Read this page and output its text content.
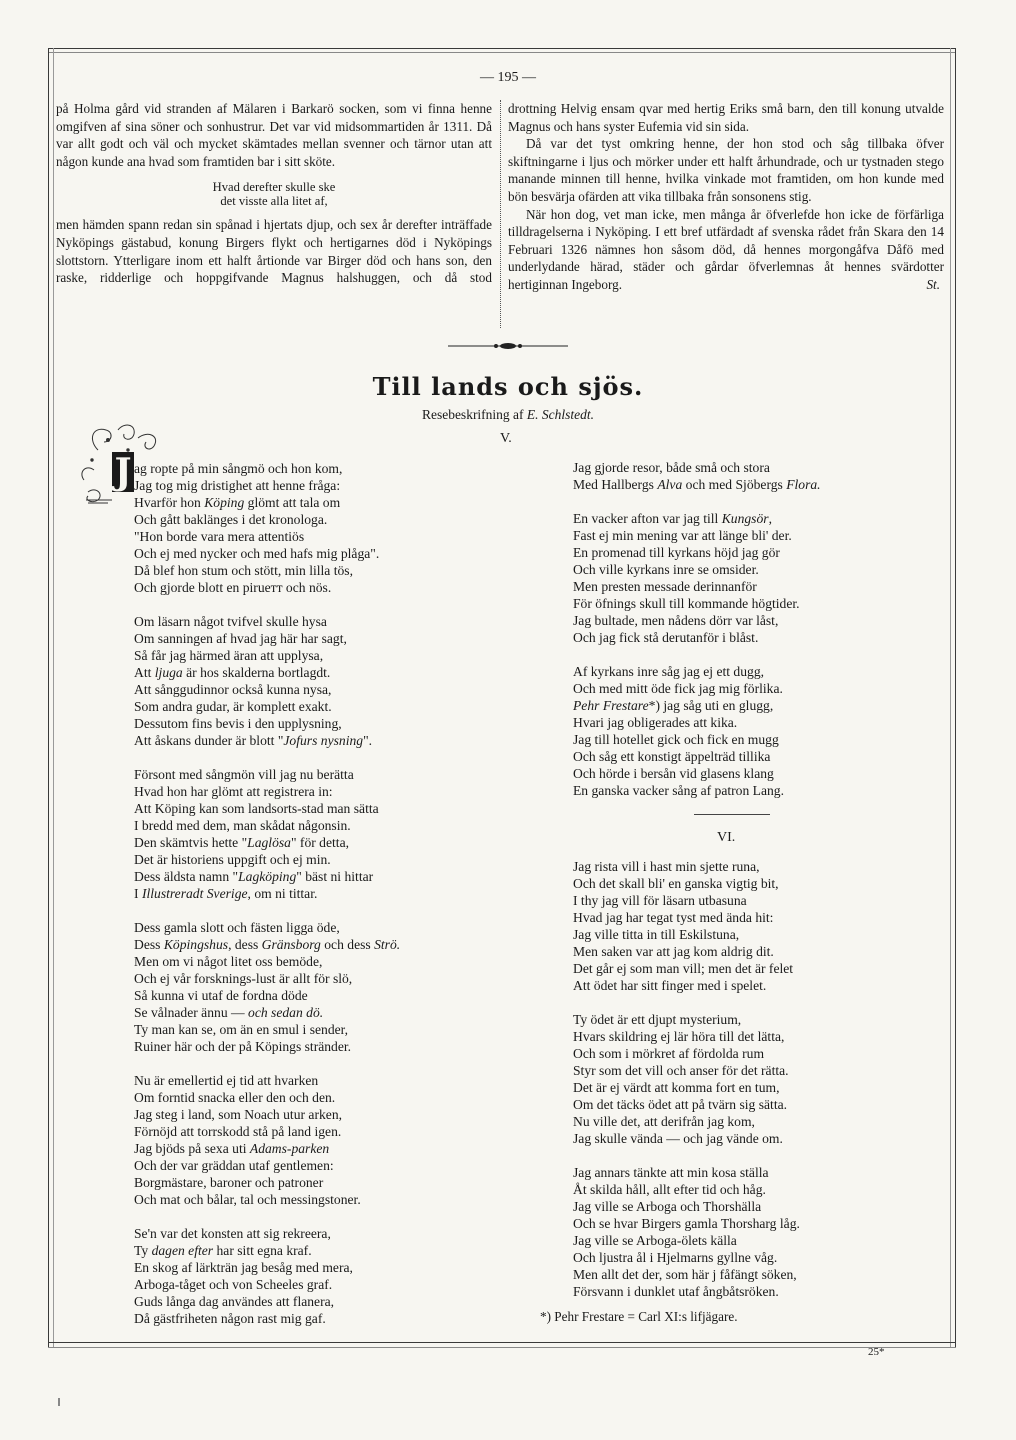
— 195 —

på Holma gård vid stranden af Mälaren i Barkarö socken, som vi finna henne omgifven af sina söner och sonhustrur. Det var vid midsommartiden år 1311. Då var allt godt och väl och mycket skämtades mellan svenner och tärnor utan att någon kunde ana hvad som framtiden bar i sitt sköte.

Hvad derefter skulle ske
det visste alla litet af,

men hämden spann redan sin spånad i hjertats djup, och sex år derefter inträffade Nyköpings gästabud, konung Birgers flykt och hertigarnes död i Nyköpings slottstorn. Ytterligare inom ett halft årtionde var Birger död och hans son, den raske, ridderlige och hoppgifvande Magnus halshuggen, och då stod

drottning Helvig ensam qvar med hertig Eriks små barn, den till konung utvalde Magnus och hans syster Eufemia vid sin sida.

Då var det tyst omkring henne, der hon stod och såg tillbaka öfver skiftningarne i ljus och mörker under ett halft århundrade, och ur tystnaden stego manande minnen till henne, hvilka vinkade mot framtiden, om hon kunde med bön besvärja ofärden att vika tillbaka från sonsonens stig.

När hon dog, vet man icke, men många år öfverlefde hon icke de förfärliga tilldragelserna i Nyköping. I ett bref utfärdadt af svenska rådet från Skara den 14 Februari 1326 nämnes hon såsom död, då hennes morgongåfva Dåfö med underlydande härad, städer och gårdar öfverlemnas åt hennes svärdotter hertiginnan Ingeborg.	St.

Till lands och sjös.
Resebeskrifning af E. Schlstedt.
V.
J ag ropte på min sångmö och hon kom,
Jag tog mig dristighet att henne fråga:
Hvarför hon Köping glömt att tala om
Och gått baklänges i det kronologa.
"Hon borde vara mera attentiös
Och ej med nycker och med hafs mig plåga".
Då blef hon stum och stött, min lilla tös,
Och gjorde blott en pirueтт och nös.
Om läsarn något tvifvel skulle hysa
Om sanningen af hvad jag här har sagt,
Så får jag härmed äran att upplysa,
Att ljuga är hos skalderna bortlagdt.
Att sånggudinnor också kunna nysa,
Som andra gudar, är komplett exakt.
Dessutom fins bevis i den upplysning,
Att åskans dunder är blott "Jofurs nysning".
Försont med sångmön vill jag nu berätta
Hvad hon har glömt att registrera in:
Att Köping kan som landsorts-stad man sätta
I bredd med dem, man skådat någonsin.
Den skämtvis hette "Laglösa" för detta,
Det är historiens uppgift och ej min.
Dess äldsta namn "Lagköping" bäst ni hittar
I Illustreradt Sverige, om ni tittar.
Dess gamla slott och fästen ligga öde,
Dess Köpingshus, dess Gränsborg och dess Strö.
Men om vi något litet oss bemöde,
Och ej vår forsknings-lust är allt för slö,
Så kunna vi utaf de fordna döde
Se vålnader ännu — och sedan dö.
Ty man kan se, om än en smul i sender,
Ruiner här och der på Köpings stränder.
Nu är emellertid ej tid att hvarken
Om forntid snacka eller den och den.
Jag steg i land, som Noach utur arken,
Förnöjd att torrskodd stå på land igen.
Jag bjöds på sexa uti Adams-parken
Och der var gräddan utaf gentlemen:
Borgmästare, baroner och patroner
Och mat och bålar, tal och messingstoner.
Se'n var det konsten att sig rekreera,
Ty dagen efter har sitt egna kraf.
En skog af lärkträn jag besåg med mera,
Arboga-tåget och von Scheeles graf.
Guds långa dag användes att flanera,
Då gästfriheten någon rast mig gaf.
Jag gjorde resor, både små och stora
Med Hallbergs Alva och med Sjöbergs Flora.
En vacker afton var jag till Kungsör,
Fast ej min mening var att länge bli' der.
En promenad till kyrkans höjd jag gör
Och ville kyrkans inre se omsider.
Men presten messade derinnanför
För öfnings skull till kommande högtider.
Jag bultade, men nådens dörr var låst,
Och jag fick stå derutanför i blåst.
Af kyrkans inre såg jag ej ett dugg,
Och med mitt öde fick jag mig förlika.
Pehr Frestare*) jag såg uti en glugg,
Hvari jag obligerades att kika.
Jag till hotellet gick och fick en mugg
Och såg ett konstigt äppelträd tillika
Och hörde i bersån vid glasens klang
En ganska vacker sång af patron Lang.
VI.
Jag rista vill i hast min sjette runa,
Och det skall bli' en ganska vigtig bit,
I thy jag vill för läsarn utbasuna
Hvad jag har tegat tyst med ända hit:
Jag ville titta in till Eskilstuna,
Men saken var att jag kom aldrig dit.
Det går ej som man vill; men det är felet
Att ödet har sitt finger med i spelet.
Ty ödet är ett djupt mysterium,
Hvars skildring ej lär höra till det lätta,
Och som i mörkret af fördolda rum
Styr som det vill och anser för det rätta.
Det är ej värdt att komma fort en tum,
Om det täcks ödet att på tvärn sig sätta.
Nu ville det, att derifrån jag kom,
Jag skulle vända — och jag vände om.
Jag annars tänkte att min kosa ställa
Åt skilda håll, allt efter tid och håg.
Jag ville se Arboga och Thorshälla
Och se hvar Birgers gamla Thorsharg låg.
Jag ville se Arboga-ölets källa
Och ljustra ål i Hjelmarns gyllne våg.
Men allt det der, som här j fåfängt söken,
Försvann i dunklet utaf ångbåtsröken.
*) Pehr Frestare = Carl XI:s lifjägare.
25*
